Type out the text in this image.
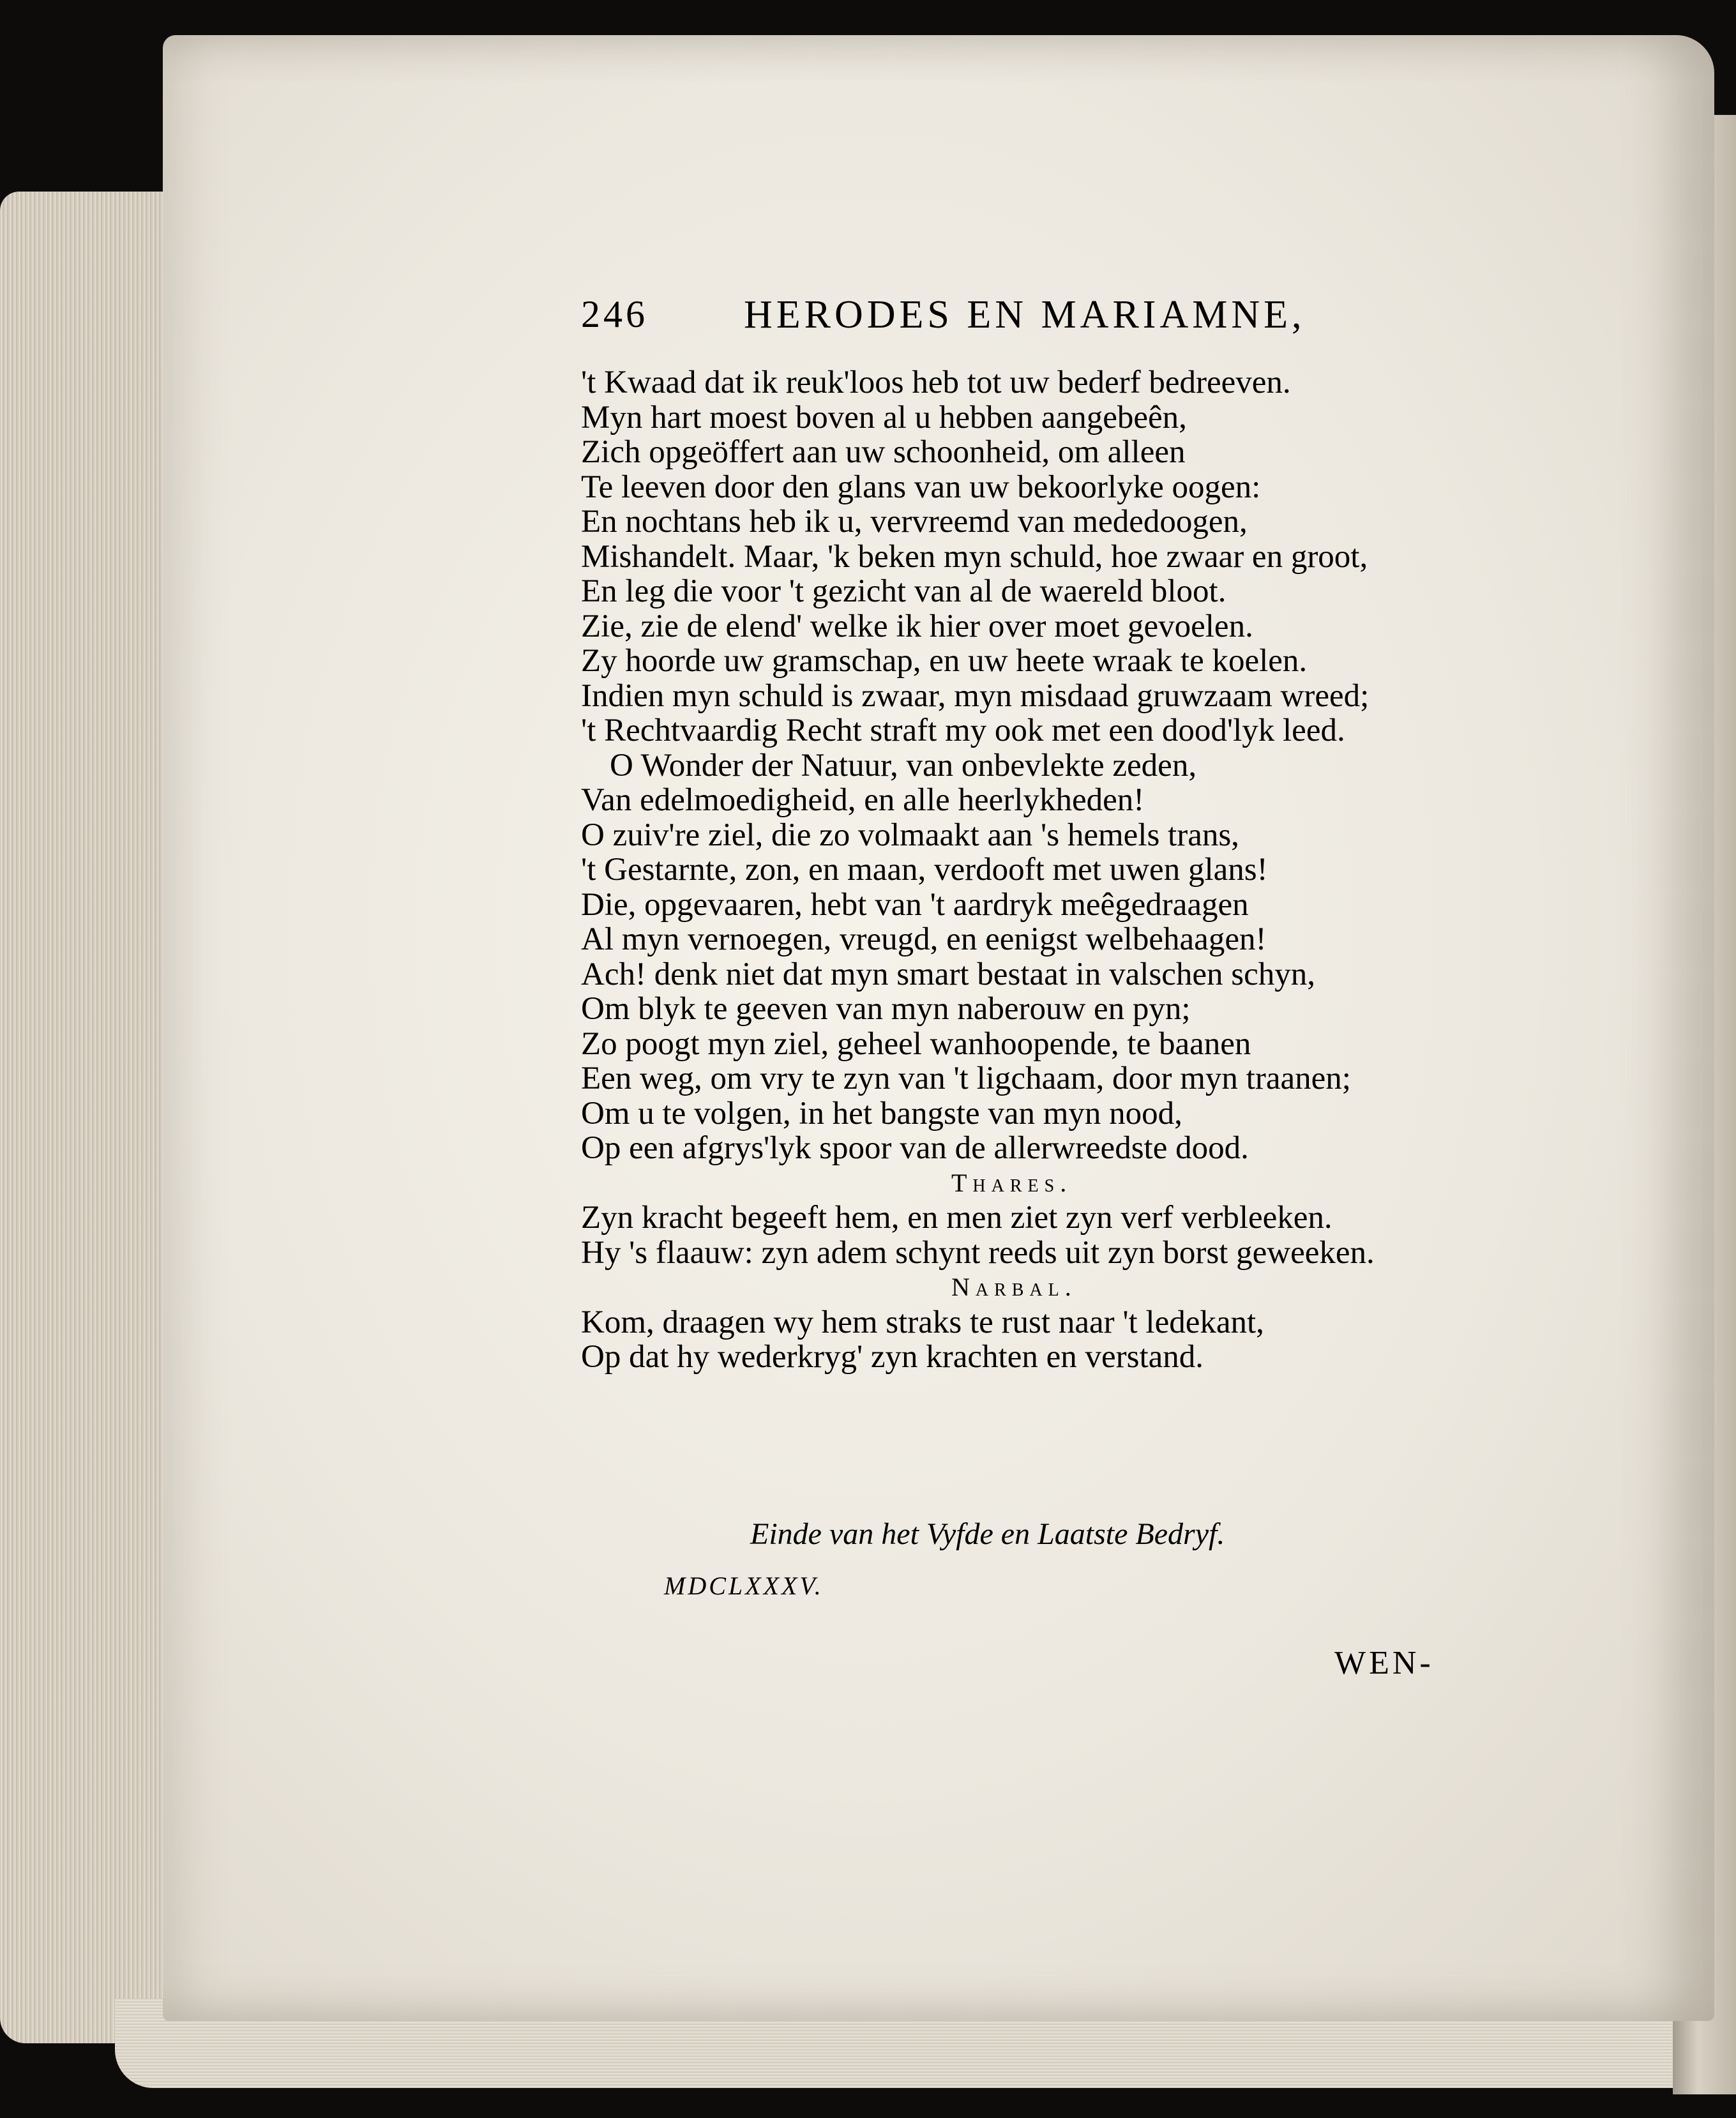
246 HERODES EN MARIAMNE,
't Kwaad dat ik reuk'loos heb tot uw bederf bedreeven.
Myn hart moest boven al u hebben aangebeên,
Zich opgeöffert aan uw schoonheid, om alleen
Te leeven door den glans van uw bekoorlyke oogen:
En nochtans heb ik u, vervreemd van mededoogen,
Mishandelt. Maar, 'k beken myn schuld, hoe zwaar en groot,
En leg die voor 't gezicht van al de waereld bloot.
Zie, zie de elend' welke ik hier over moet gevoelen.
Zy hoorde uw gramschap, en uw heete wraak te koelen.
Indien myn schuld is zwaar, myn misdaad gruwzaam wreed;
't Rechtvaardig Recht straft my ook met een dood'lyk leed.
O Wonder der Natuur, van onbevlekte zeden,
Van edelmoedigheid, en alle heerlykheden!
O zuiv're ziel, die zo volmaakt aan 's hemels trans,
't Gestarnte, zon, en maan, verdooft met uwen glans!
Die, opgevaaren, hebt van 't aardryk meêgedraagen
Al myn vernoegen, vreugd, en eenigst welbehaagen!
Ach! denk niet dat myn smart bestaat in valschen schyn,
Om blyk te geeven van myn naberouw en pyn;
Zo poogt myn ziel, geheel wanhoopende, te baanen
Een weg, om vry te zyn van 't ligchaam, door myn traanen;
Om u te volgen, in het bangste van myn nood,
Op een afgrys'lyk spoor van de allerwreedste dood.
Thares.
Zyn kracht begeeft hem, en men ziet zyn verf verbleeken.
Hy 's flaauw: zyn adem schynt reeds uit zyn borst geweeken.
Narbal.
Kom, draagen wy hem straks te rust naar 't ledekant,
Op dat hy wederkryg' zyn krachten en verstand.
Einde van het Vyfde en Laatste Bedryf.
MDCLXXXV.
WEN-
